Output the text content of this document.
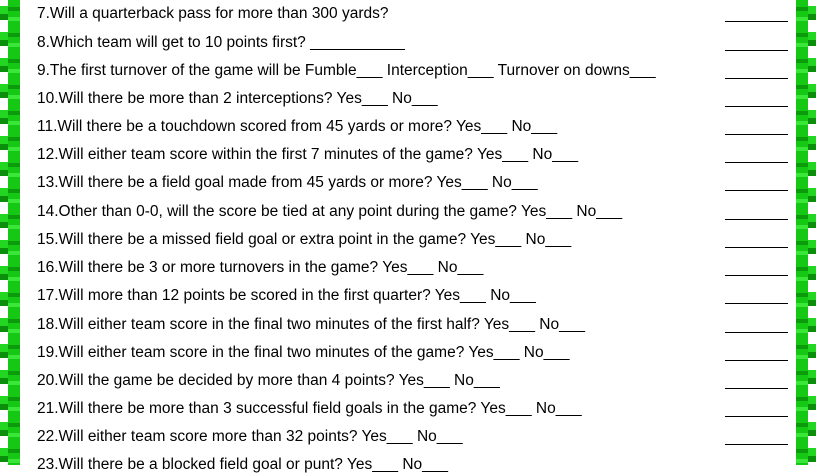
7.Will a quarterback pass for more than 300 yards?
8.Which team will get to 10 points first? ___________
9.The first turnover of the game will be Fumble___ Interception___ Turnover on downs___
10.Will there be more than 2 interceptions? Yes___ No___
11.Will there be a touchdown scored from 45 yards or more? Yes___ No___
12.Will either team score within the first 7 minutes of the game? Yes___ No___
13.Will there be a field goal made from 45 yards or more? Yes___ No___
14.Other than 0-0, will the score be tied at any point during the game? Yes___ No___
15.Will there be a missed field goal or extra point in the game? Yes___ No___
16.Will there be 3 or more turnovers in the game? Yes___ No___
17.Will more than 12 points be scored in the first quarter? Yes___ No___
18.Will either team score in the final two minutes of the first half? Yes___ No___
19.Will either team score in the final two minutes of the game? Yes___ No___
20.Will the game be decided by more than 4 points? Yes___ No___
21.Will there be more than 3 successful field goals in the game? Yes___ No___
22.Will either team score more than 32 points? Yes___ No___
23.Will there be a blocked field goal or punt? Yes___ No___
